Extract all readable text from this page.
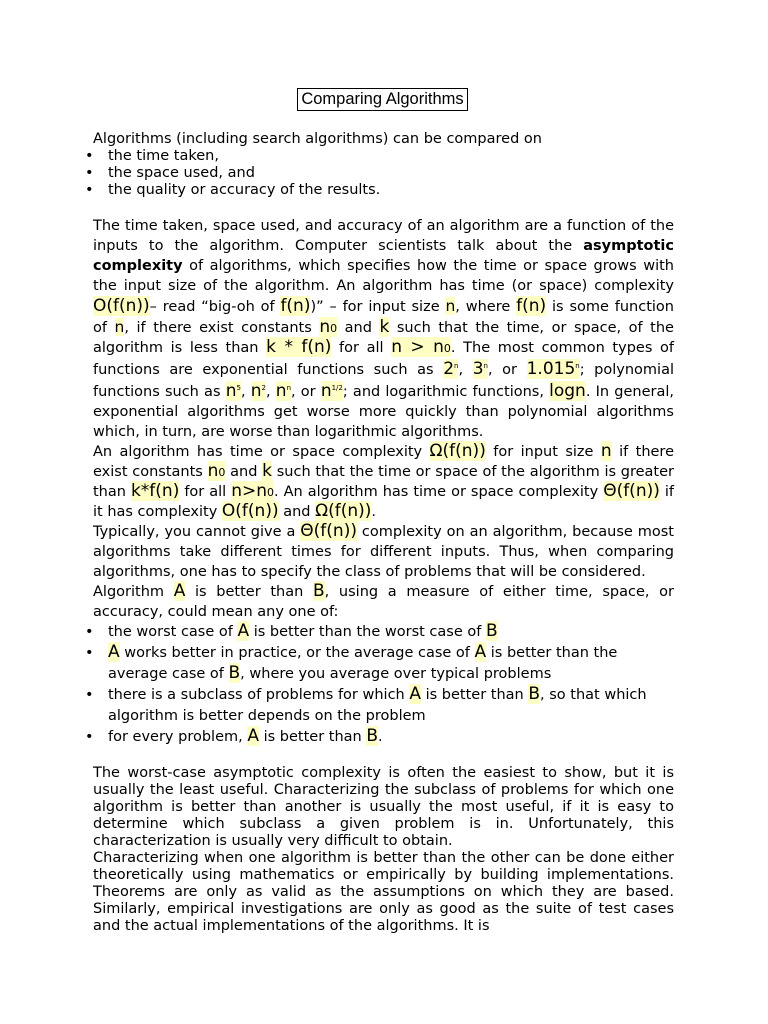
Comparing Algorithms

Algorithms (including search algorithms) can be compared on

• the time taken,
• the space used, and
• the quality or accuracy of the results.

The time taken, space used, and accuracy of an algorithm are a function of the inputs to the algorithm. Computer scientists talk about the asymptotic complexity of algorithms, which specifies how the time or space grows with the input size of the algorithm. An algorithm has time (or space) complexity O(f(n))– read “big-oh of f(n))” – for input size n, where f(n) is some function of n, if there exist constants n0 and k such that the time, or space, of the algorithm is less than k * f(n) for all n > n0. The most common types of functions are exponential functions such as 2$^n$, 3$^n$, or 1.015$^n$; polynomial functions such as $n^5$, $n^2$, $n^n$, or $n^{1/2}$; and logarithmic functions, logn. In general, exponential algorithms get worse more quickly than polynomial algorithms which, in turn, are worse than logarithmic algorithms.

An algorithm has time or space complexity Ω(f(n)) for input size n if there exist constants n0 and k such that the time or space of the algorithm is greater than k*f(n) for all n>n0. An algorithm has time or space complexity Θ(f(n)) if it has complexity O(f(n)) and Ω(f(n)).

Typically, you cannot give a Θ(f(n)) complexity on an algorithm, because most algorithms take different times for different inputs. Thus, when comparing algorithms, one has to specify the class of problems that will be considered.

Algorithm A is better than B, using a measure of either time, space, or accuracy, could mean any one of:

• the worst case of A is better than the worst case of B
• A works better in practice, or the average case of A is better than the average case of B, where you average over typical problems
• there is a subclass of problems for which A is better than B, so that which algorithm is better depends on the problem
• for every problem, A is better than B.

The worst-case asymptotic complexity is often the easiest to show, but it is usually the least useful. Characterizing the subclass of problems for which one algorithm is better than another is usually the most useful, if it is easy to determine which subclass a given problem is in. Unfortunately, this characterization is usually very difficult to obtain.

Characterizing when one algorithm is better than the other can be done either theoretically using mathematics or empirically by building implementations. Theorems are only as valid as the assumptions on which they are based. Similarly, empirical investigations are only as good as the suite of test cases and the actual implementations of the algorithms. It is
